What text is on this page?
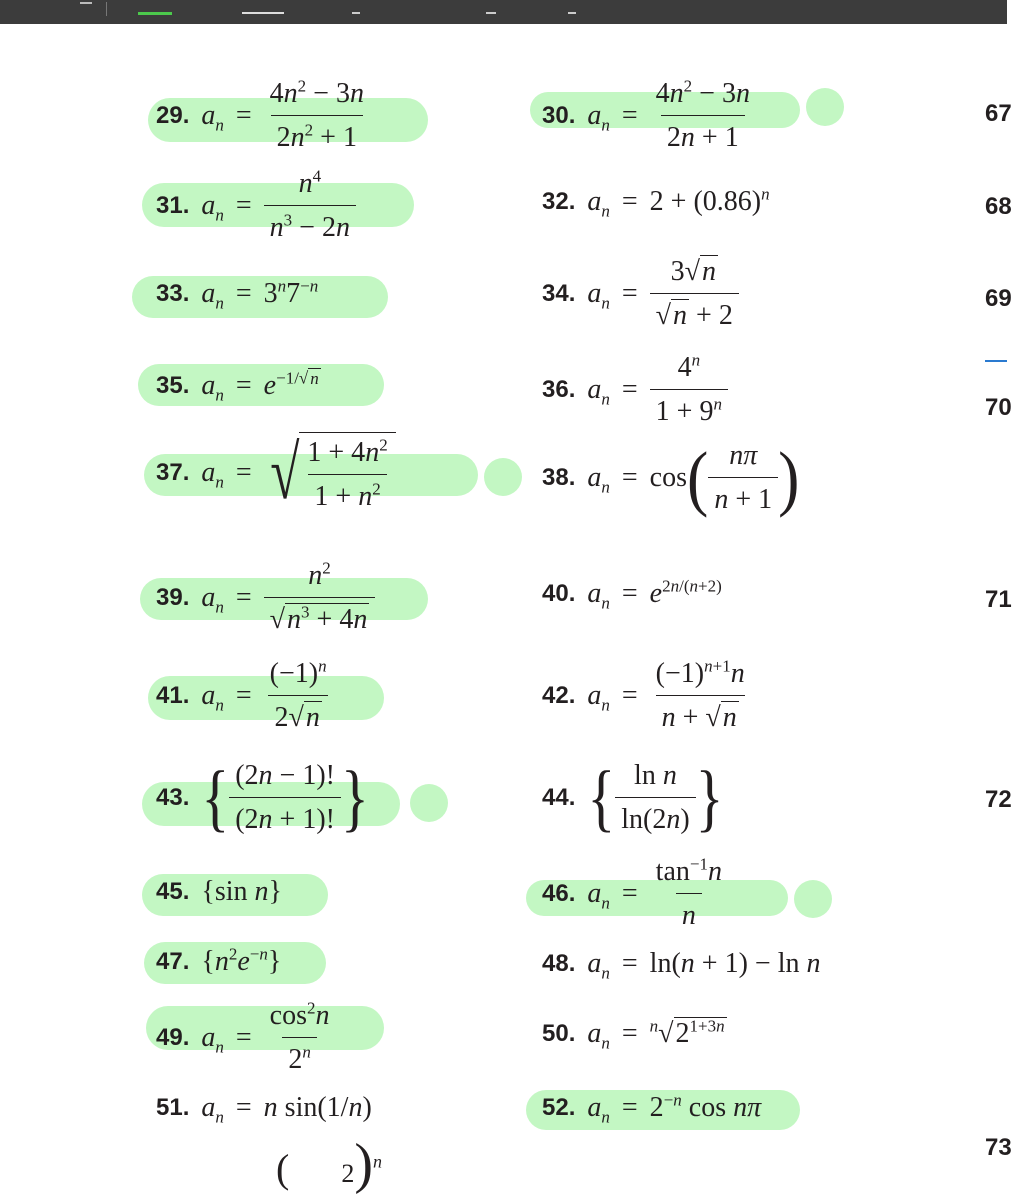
29. $a_n = \frac{4n^2 - 3n}{2n^2 + 1}$	30. $a_n = \frac{4n^2 - 3n}{2n + 1}$
31. $a_n = \frac{n^4}{n^3 - 2n}$	32. $a_n = 2 + (0.86)^n$
33. $a_n = 3^n7^{-n}$	34. $a_n = \frac{3√n}{√n + 2}$
35. $a_n = e^{-1/√ n}$	36. $a_n = \frac{4^n}{1 + 9^n}$
37. $a_n$ = √ $\frac{1 + 4n^2}{1 + n^2}$	38. $a_n = \cos$ ( $\frac{n\pi}{n + 1}$ )
39. $a_n = \frac{n^2}{√n^3 + 4n}$	40. $a_n = e^{2n/(n+2)}$
41. $a_n = \frac{(-1)^n}{2√n}$	42. $a_n = \frac{(-1)^{n+1}n}{n + √n}$
43. { $\frac{(2n - 1)!}{(2n + 1)!}$ }	44. { $\frac{\text{ln n}}{\ln(2n)}$ }
45. {sin n}	46. $a_n = \frac{\tan^{-1}n}{n}$
47. $\{n^2e^{-n}\}$	48. $a_n = \ln(n + 1) - \ln n$
49. $a_n = \frac{\cos^2n}{2^n}$	50. $a_n = ^n√2^{1+3n}$
51. $a_n = n$ sin(1/n)	52. $a_n = 2^{-n}$ cos nπ
( 2)$^n$
67
68
69
70
71
72
73
